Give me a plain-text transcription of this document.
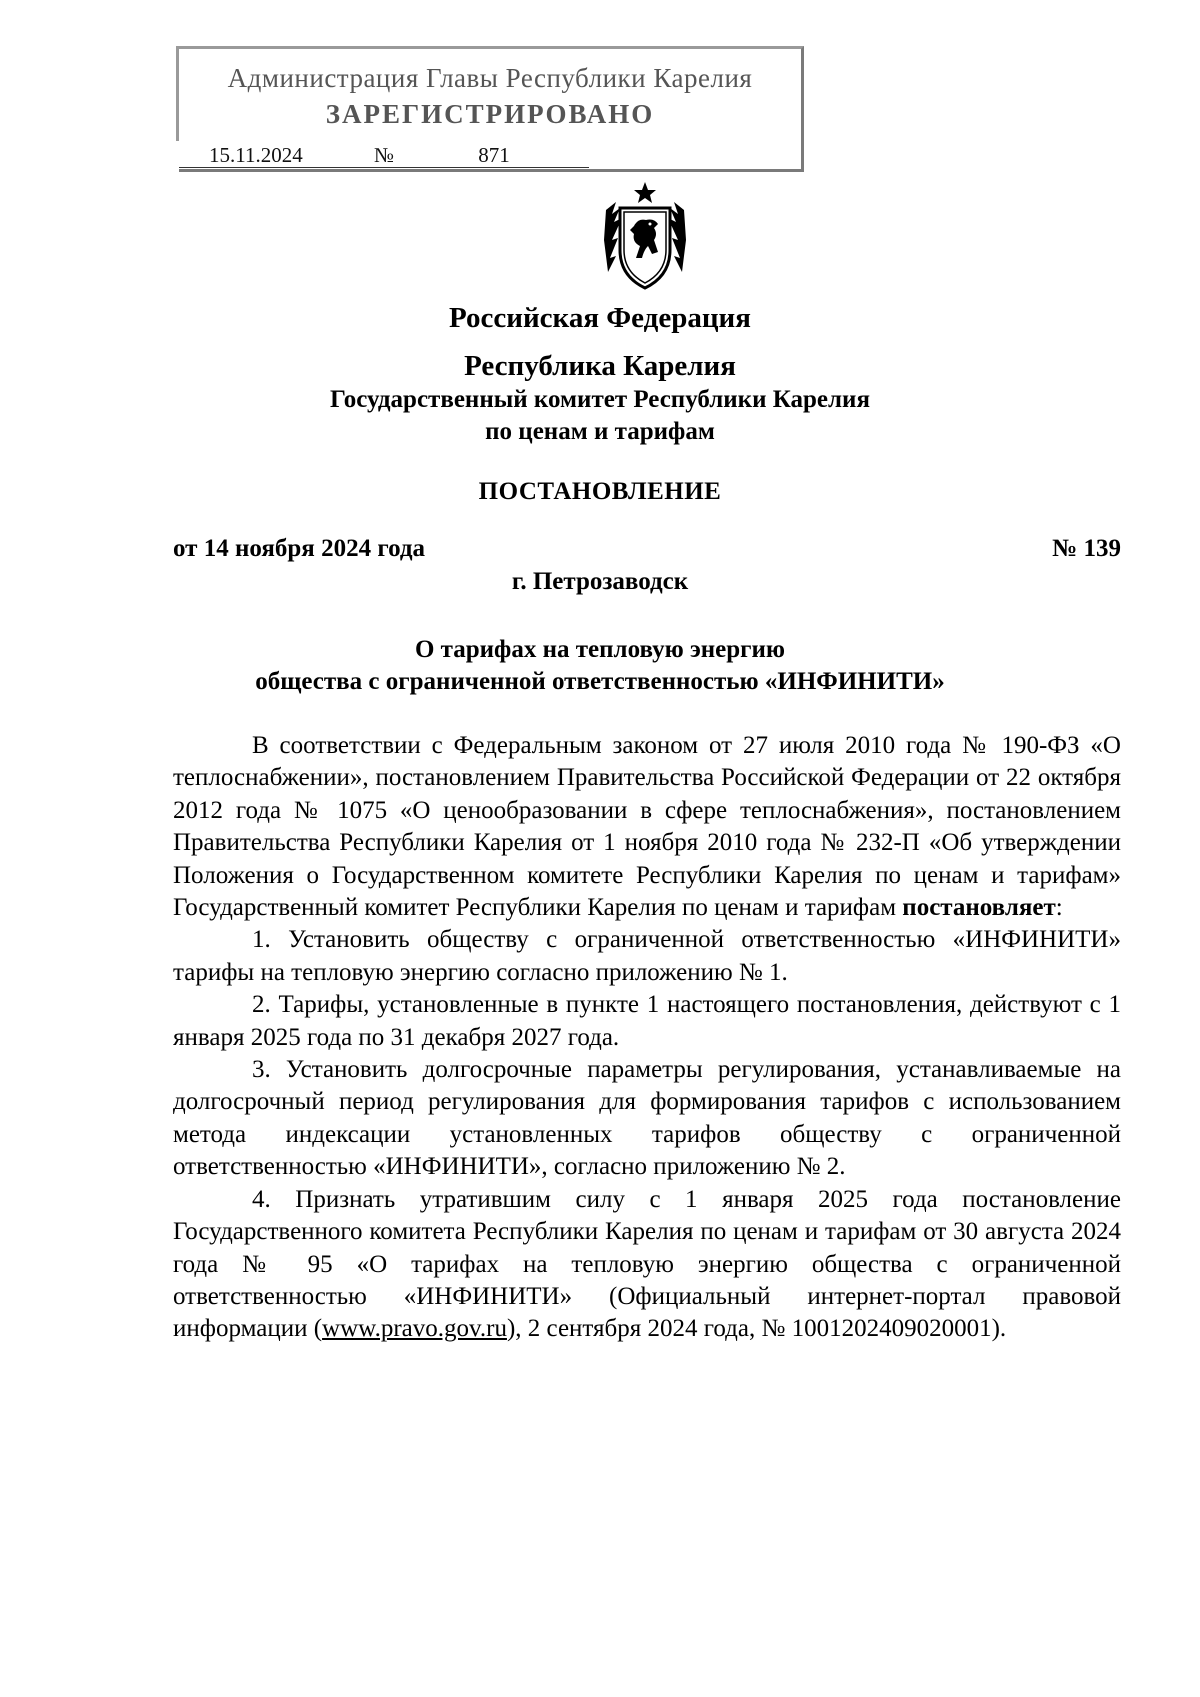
Администрация Главы Республики Карелия
ЗАРЕГИСТРИРОВАНО
15.11.2024	№	871
Российская Федерация
Республика Карелия
Государственный комитет Республики Карелия
по ценам и тарифам
ПОСТАНОВЛЕНИЕ
от 14 ноября 2024 года	№ 139
г. Петрозаводск
О тарифах на тепловую энергию
общества с ограниченной ответственностью «ИНФИНИТИ»

В соответствии с Федеральным законом от 27 июля 2010 года № 190-ФЗ «О теплоснабжении», постановлением Правительства Российской Федерации от 22 октября 2012 года № 1075 «О ценообразовании в сфере теплоснабжения», постановлением Правительства Республики Карелия от 1 ноября 2010 года № 232-П «Об утверждении Положения о Государственном комитете Республики Карелия по ценам и тарифам» Государственный комитет Республики Карелия по ценам и тарифам постановляет:

1. Установить обществу с ограниченной ответственностью «ИНФИНИТИ» тарифы на тепловую энергию согласно приложению № 1.

2. Тарифы, установленные в пункте 1 настоящего постановления, действуют с 1 января 2025 года по 31 декабря 2027 года.

3. Установить долгосрочные параметры регулирования, устанавливаемые на долгосрочный период регулирования для формирования тарифов с использованием метода индексации установленных тарифов обществу с ограниченной ответственностью «ИНФИНИТИ», согласно приложению № 2.

4. Признать утратившим силу с 1 января 2025 года постановление Государственного комитета Республики Карелия по ценам и тарифам от 30 августа 2024 года № 95 «О тарифах на тепловую энергию общества с ограниченной ответственностью «ИНФИНИТИ» (Официальный интернет-портал правовой информации (www.pravo.gov.ru), 2 сентября 2024 года, № 1001202409020001).
